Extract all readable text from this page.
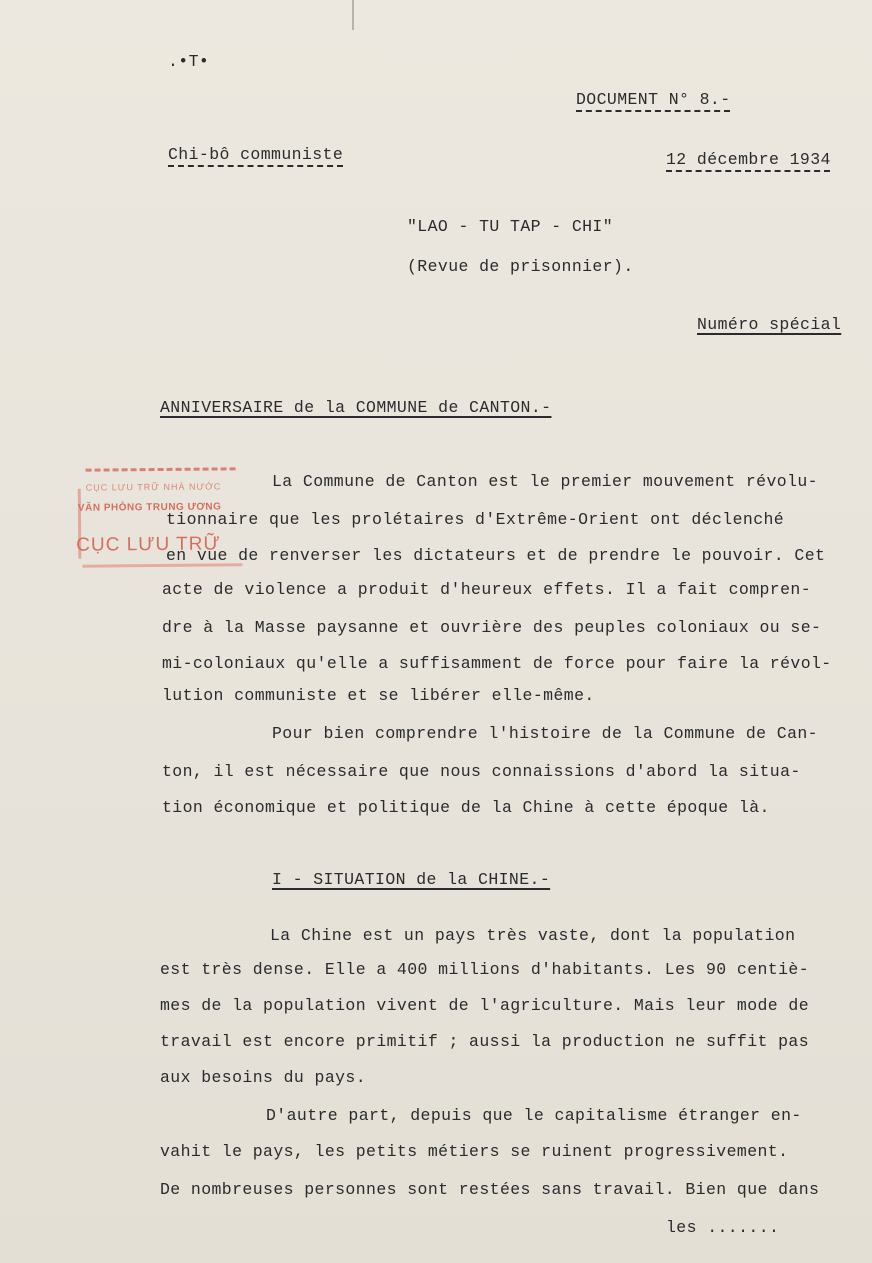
.•T•
DOCUMENT N° 8.-
Chi-bô communiste	12 décembre 1934
"LAO - TU TAP - CHI"
(Revue de prisonnier).
Numéro spécial
ANNIVERSAIRE de la COMMUNE de CANTON.-
CỤC LƯU TRỮ NHÀ NƯỚC
VĂN PHÒNG TRUNG ƯƠNG
CỤC LƯU TRỮ
La Commune de Canton est le premier mouvement révolu-
tionnaire que les prolétaires d'Extrême-Orient ont déclenché
en vue de renverser les dictateurs et de prendre le pouvoir. Cet
acte de violence a produit d'heureux effets. Il a fait compren-
dre à la Masse paysanne et ouvrière des peuples coloniaux ou se-
mi-coloniaux qu'elle a suffisamment de force pour faire la révol-
lution communiste et se libérer elle-même.
Pour bien comprendre l'histoire de la Commune de Can-
ton, il est nécessaire que nous connaissions d'abord la situa-
tion économique et politique de la Chine à cette époque là.
I - SITUATION de la CHINE.-
La Chine est un pays très vaste, dont la population
est très dense. Elle a 400 millions d'habitants. Les 90 centiè-
mes de la population vivent de l'agriculture. Mais leur mode de
travail est encore primitif ; aussi la production ne suffit pas
aux besoins du pays.
D'autre part, depuis que le capitalisme étranger en-
vahit le pays, les petits métiers se ruinent progressivement.
De nombreuses personnes sont restées sans travail. Bien que dans
les .......
